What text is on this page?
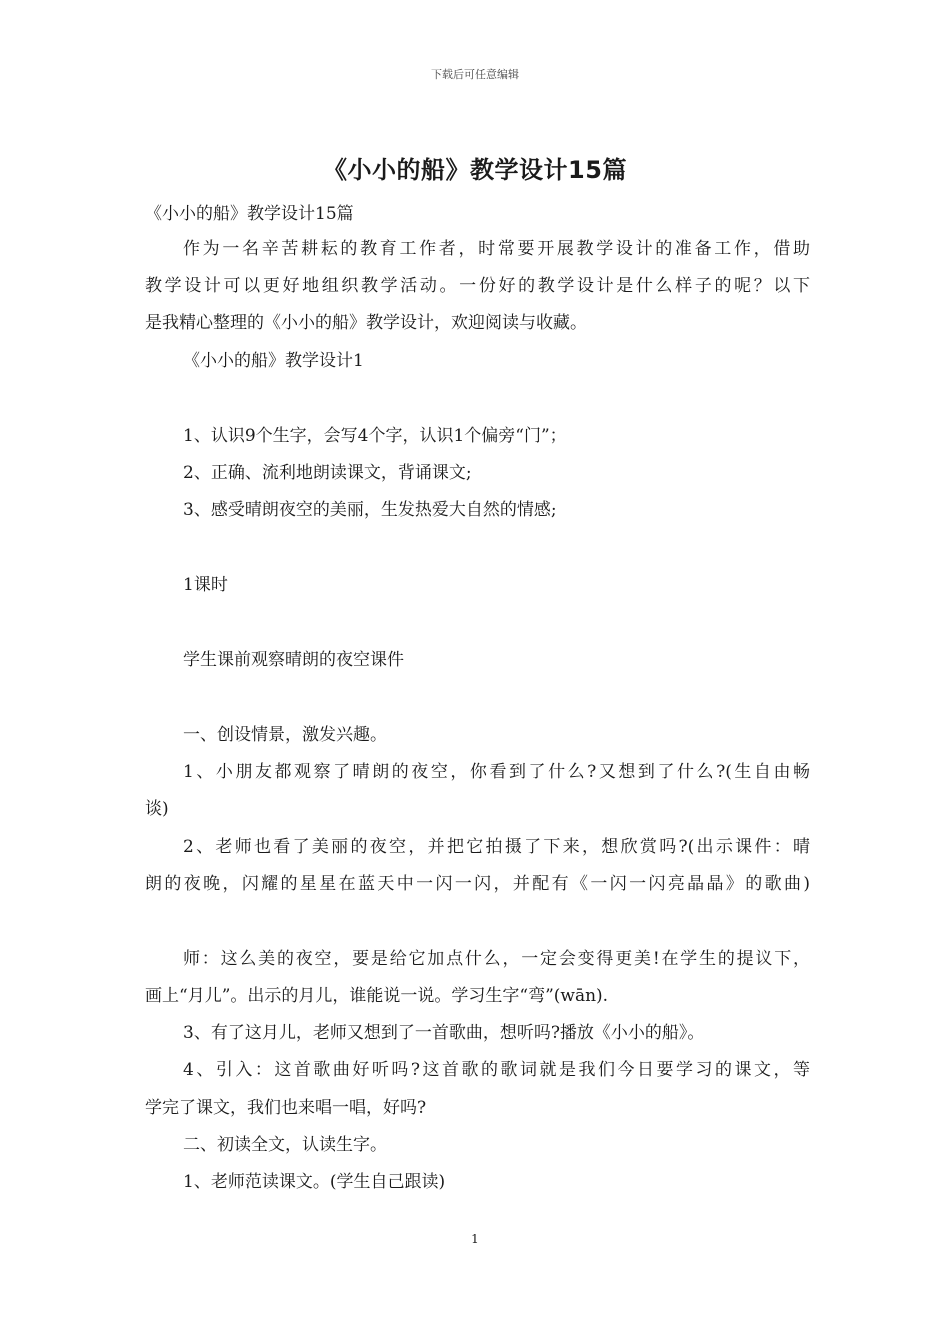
下载后可任意编辑
《小小的船》教学设计15篇
《小小的船》教学设计15篇
作为一名辛苦耕耘的教育工作者，时常要开展教学设计的准备工作，借助
教学设计可以更好地组织教学活动。一份好的教学设计是什么样子的呢？以下
是我精心整理的《小小的船》教学设计，欢迎阅读与收藏。
《小小的船》教学设计1
1、认识9个生字，会写4个字，认识1个偏旁“门”；
2、正确、流利地朗读课文，背诵课文;
3、感受晴朗夜空的美丽，生发热爱大自然的情感;
1课时
学生课前观察晴朗的夜空课件
一、创设情景，激发兴趣。
1、小朋友都观察了晴朗的夜空，你看到了什么?又想到了什么?(生自由畅
谈)
2、老师也看了美丽的夜空，并把它拍摄了下来，想欣赏吗?(出示课件：晴
朗的夜晚，闪耀的星星在蓝天中一闪一闪，并配有《一闪一闪亮晶晶》的歌曲)
师：这么美的夜空，要是给它加点什么，一定会变得更美!在学生的提议下，
画上“月儿”。出示的月儿，谁能说一说。学习生字“弯”(wān).
3、有了这月儿，老师又想到了一首歌曲，想听吗?播放《小小的船》。
4、引入：这首歌曲好听吗?这首歌的歌词就是我们今日要学习的课文，等
学完了课文，我们也来唱一唱，好吗?
二、初读全文，认读生字。
1、老师范读课文。(学生自己跟读)
1
